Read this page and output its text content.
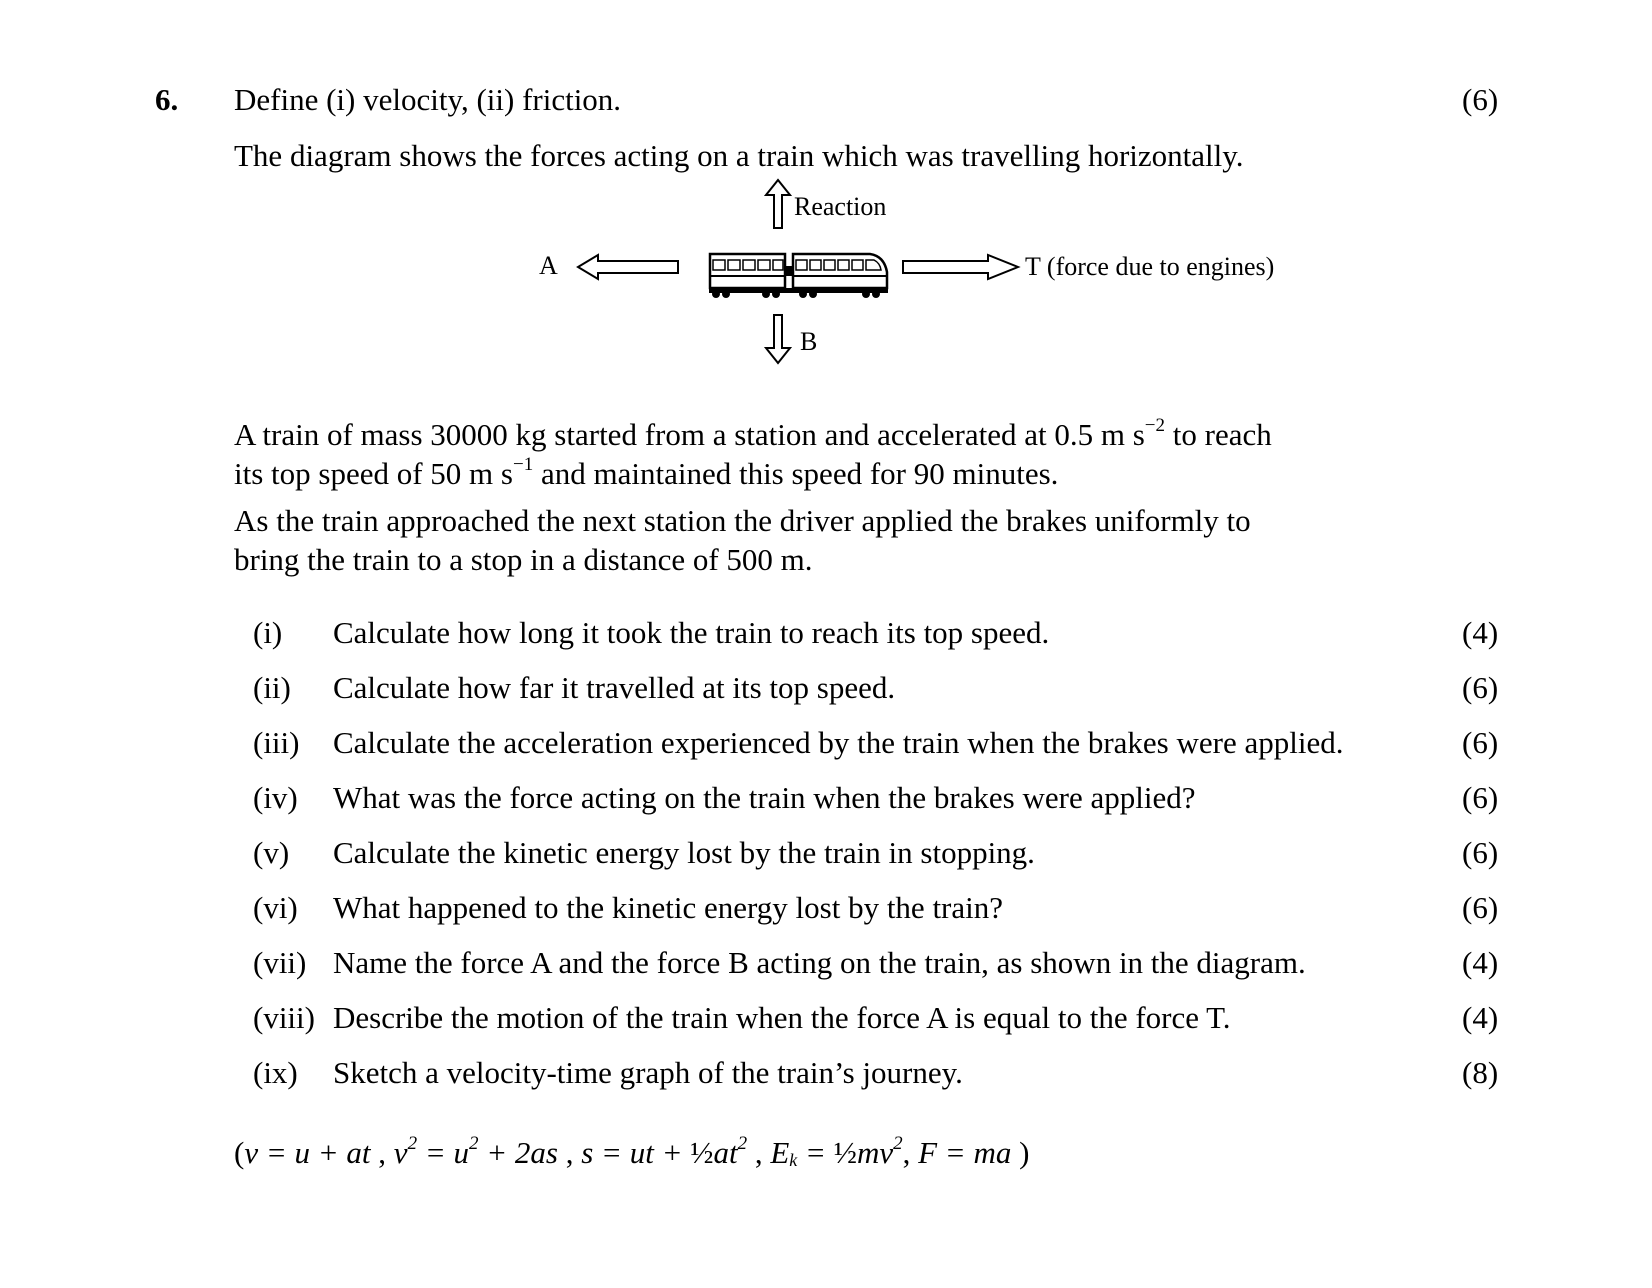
6. Define (i) velocity, (ii) friction.	(6)
The diagram shows the forces acting on a train which was travelling horizontally.
Reaction
A	T (force due to engines)
B
A train of mass 30000 kg started from a station and accelerated at 0.5 m $s^{-2}$ to reach
its top speed of 50 m $s^{-1}$ and maintained this speed for 90 minutes.
As the train approached the next station the driver applied the brakes uniformly to
bring the train to a stop in a distance of 500 m.
(i) Calculate how long it took the train to reach its top speed.	(4)
(ii) Calculate how far it travelled at its top speed.	(6)
(iii) Calculate the acceleration experienced by the train when the brakes were applied.	(6)
(iv) What was the force acting on the train when the brakes were applied?	(6)
(v) Calculate the kinetic energy lost by the train in stopping.	(6)
(vi) What happened to the kinetic energy lost by the train?	(6)
(vii) Name the force A and the force B acting on the train, as shown in the diagram.	(4)
(viii) Describe the motion of the train when the force A is equal to the force T.	(4)
(ix) Sketch a velocity-time graph of the train’s journey.	(8)
(v = u + at , $v^2 = u^2 + 2as$ , s = ut + $\frac{1}{2}at^2$ , $E_k$ = $\frac{1}{2}mv^2$, F = ma )
